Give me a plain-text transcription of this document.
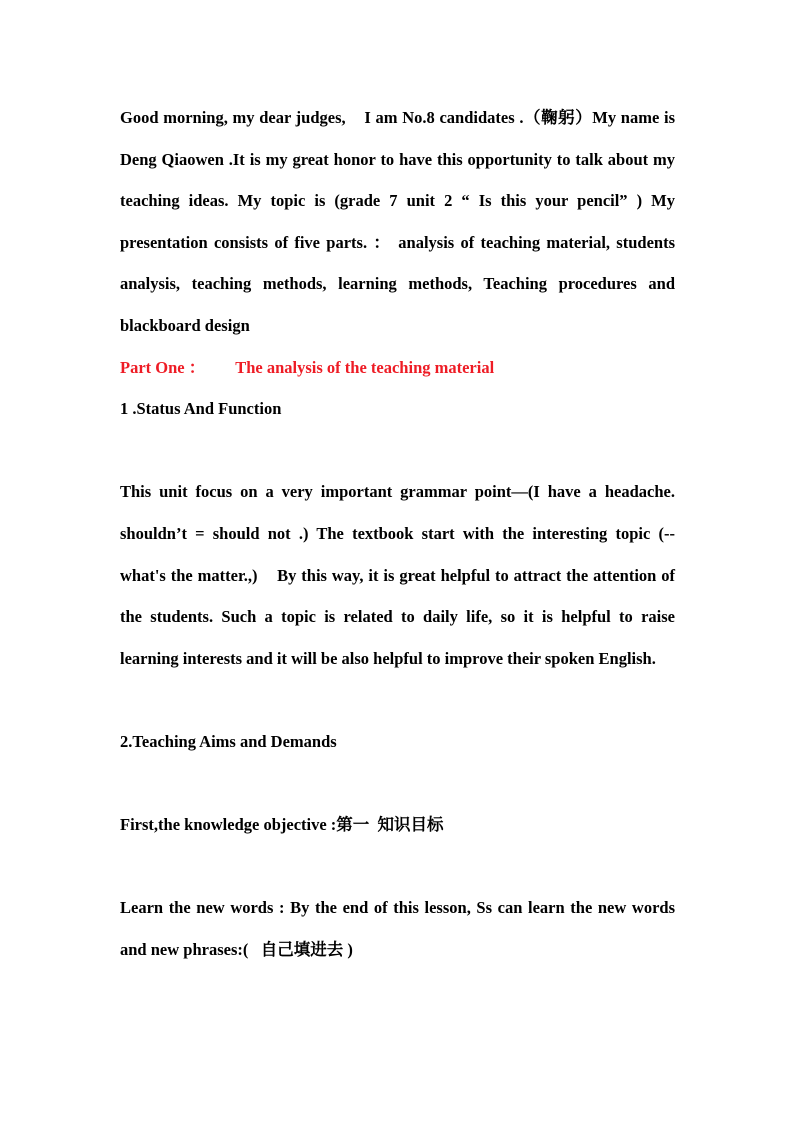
Good morning, my dear judges,    I am No.8 candidates .（鞠躬）My name is Deng Qiaowen .It is my great honor to have this opportunity to talk about my teaching ideas. My topic is (grade 7 unit 2 “ Is this your pencil” ) My presentation consists of five parts. ： analysis of teaching material, students analysis, teaching methods, learning methods, Teaching procedures and blackboard design

Part One ： The analysis of the teaching material

1 .Status And Function

This unit focus on a very important grammar point—(I have a headache. shouldn’t = should not .) The textbook start with the interesting topic (-- what's the matter.,)    By this way, it is great helpful to attract the attention of the students. Such a topic is related to daily life, so it is helpful to raise learning interests and it will be also helpful to improve their spoken English.

2.Teaching Aims and Demands

First,the knowledge objective :第一  知识目标

Learn the new words : By the end of this lesson, Ss can learn the new words and new phrases:(   自己填进去 )
